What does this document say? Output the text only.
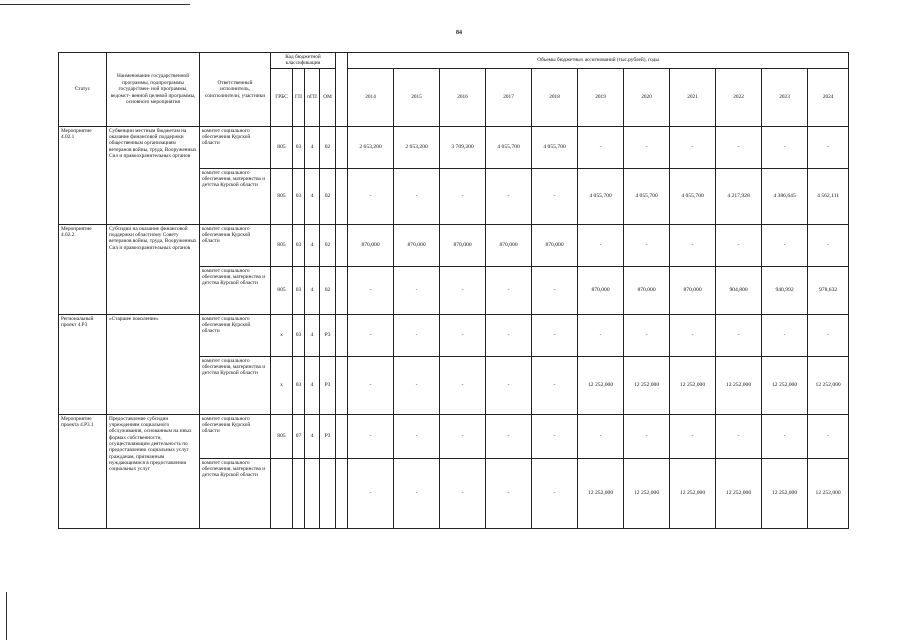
84
Статус	Наименование государственной программы, подпрограммы государствен- ной программы, ведомст- венной целевой программы, основного мероприятия	Ответственный исполнитель, соисполнители, участники	Код бюджетной классификации					Объемы бюджетных ассигнований (тыс.рублей), годы										
			ГРБС	ГП	пГП	ОМ		2014	2015	2016	2017	2018	2019	2020	2021	2022	2023	2024
Мероприятие 4.02.1	Субвенции местным бюджетам на оказание финансовой поддержки общественным организациям ветеранов войны, труда, Вооруженных Сил и правоохранительных органов	комитет социального обеспечения Курской области	805	03	4	02		2 653,200	2 653,200	3 709,200	4 055,700	4 055,700	-	-	-	-	-	-
		комитет социального обеспечения, материнства и детства Курской области	805	03	4	02		-	-	-	-	-	4 055,700	4 055,700	4 055,700	4 217,928	4 386,645	4 562,111
Мероприятие 4.02.2.	Субсидии на оказание финансовой поддержки областному Совету ветеранов войны, труда, Вооруженных Сил и правоохранительных органов	комитет социального обеспечения Курской области	805	03	4	02		870,000	870,000	870,000	870,000	870,000	-	-	-	-	-	-
		комитет социального обеспечения, материнства и детства Курской области	805	03	4	02		-	-	-	-	-	870,000	870,000	870,000	904,800	940,992	978,632
Региональный проект 4.Р3	«Старшее поколение»	комитет социального обеспечения Курской области	х	03	4	Р3		-	-	-	-	-	-	-	-	-	-	-
		комитет социального обеспечения, материнства и детства Курской области	х	03	4	Р3		-	-	-	-	-	12 252,000	12 252,000	12 252,000	12 252,000	12 252,000	12 252,000
Мероприятие проекта 4.Р3.1	Предоставление субсидии учреждениям социального обслуживания, основанным на иных формах собственности, осуществляющим деятельность по предоставлению социальных услуг гражданам, признанным нуждающимися в предоставлении социальных услуг	комитет социального обеспечения Курской области	805	07	4	Р3		-	-	-	-	-	-	-	-	-	-	-
		комитет социального обеспечения, материнства и детства Курской области						-	-	-	-	-	12 252,000	12 252,000	12 252,000	12 252,000	12 252,000	12 252,000
